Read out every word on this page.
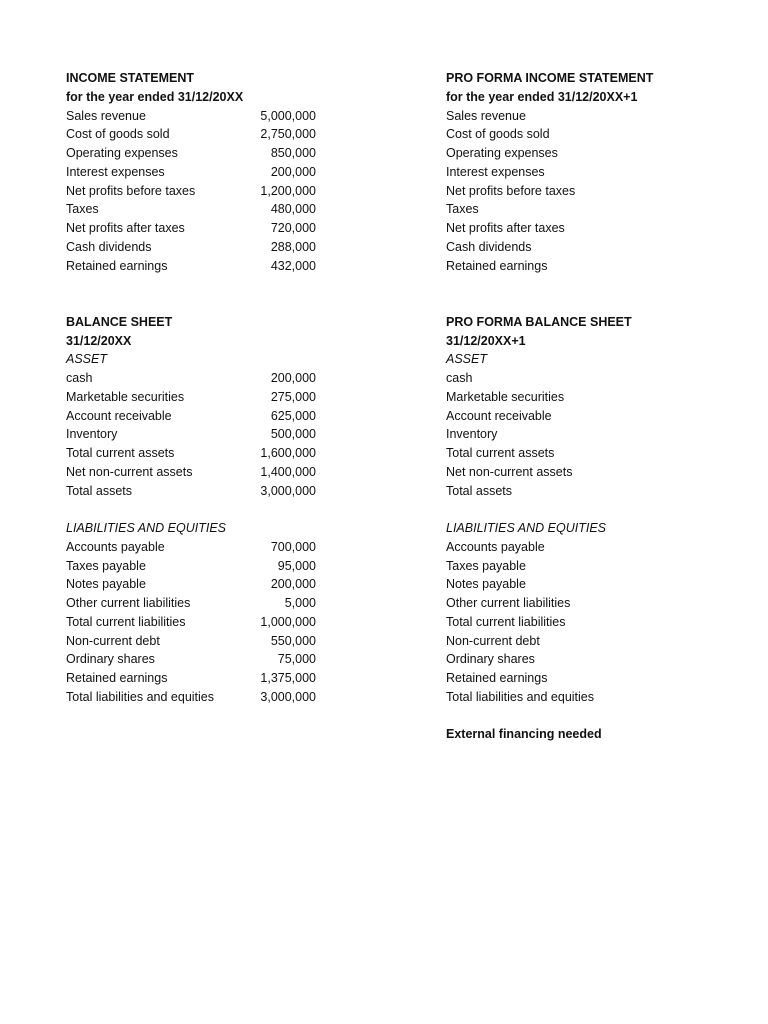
INCOME STATEMENT
for the year ended 31/12/20XX
Sales revenue	5,000,000
Cost of goods sold	2,750,000
Operating expenses	850,000
Interest expenses	200,000
Net profits before taxes	1,200,000
Taxes	480,000
Net profits after taxes	720,000
Cash dividends	288,000
Retained earnings	432,000
BALANCE SHEET
31/12/20XX
ASSET
cash	200,000
Marketable securities	275,000
Account receivable	625,000
Inventory	500,000
Total current assets	1,600,000
Net non-current assets	1,400,000
Total assets	3,000,000
LIABILITIES AND EQUITIES
Accounts payable	700,000
Taxes payable	95,000
Notes payable	200,000
Other current liabilities	5,000
Total current liabilities	1,000,000
Non-current debt	550,000
Ordinary shares	75,000
Retained earnings	1,375,000
Total liabilities and equities	3,000,000
PRO FORMA INCOME STATEMENT
for the year ended 31/12/20XX+1
Sales revenue
Cost of goods sold
Operating expenses
Interest expenses
Net profits before taxes
Taxes
Net profits after taxes
Cash dividends
Retained earnings
PRO FORMA BALANCE SHEET
31/12/20XX+1
ASSET
cash
Marketable securities
Account receivable
Inventory
Total current assets
Net non-current assets
Total assets
LIABILITIES AND EQUITIES
Accounts payable
Taxes payable
Notes payable
Other current liabilities
Total current liabilities
Non-current debt
Ordinary shares
Retained earnings
Total liabilities and equities
External financing needed
